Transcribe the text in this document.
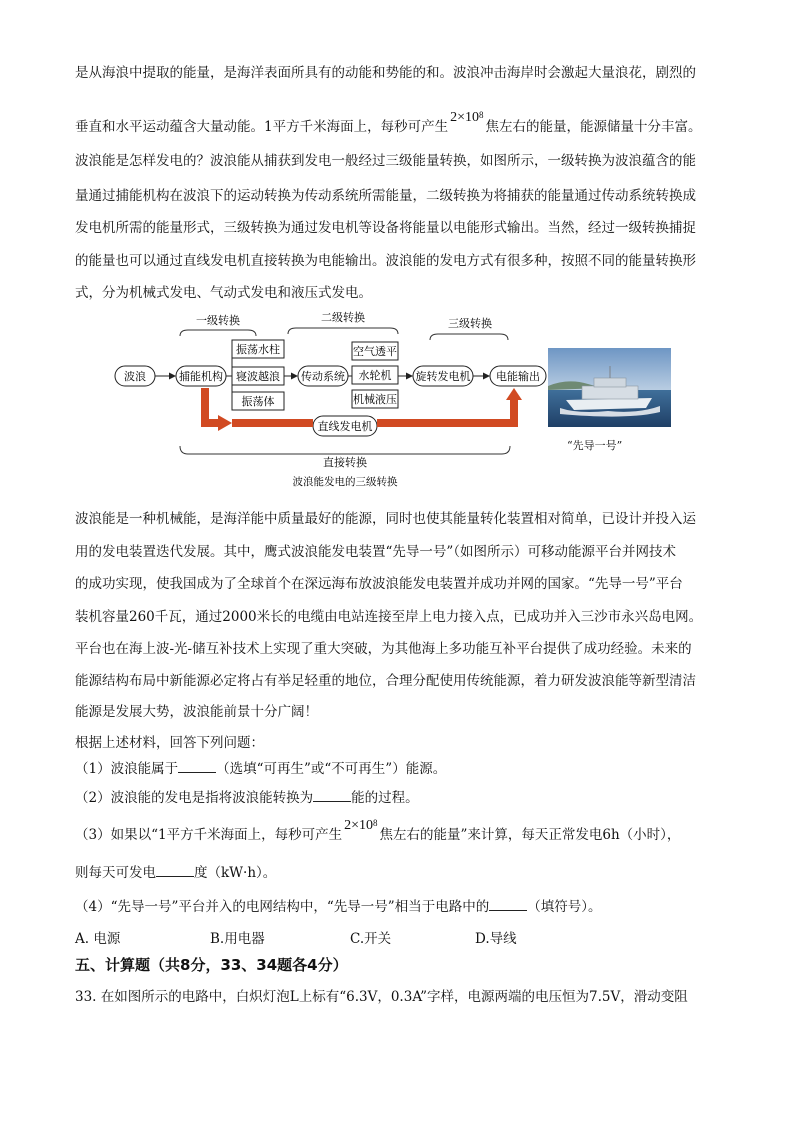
是从海浪中提取的能量，是海洋表面所具有的动能和势能的和。波浪冲击海岸时会激起大量浪花，剧烈的
垂直和水平运动蕴含大量动能。1平方千米海面上，每秒可产生$2\times 10^8$焦左右的能量，能源储量十分丰富。
波浪能是怎样发电的？波浪能从捕获到发电一般经过三级能量转换，如图所示，一级转换为波浪蕴含的能
量通过捕能机构在波浪下的运动转换为传动系统所需能量，二级转换为将捕获的能量通过传动系统转换成
发电机所需的能量形式，三级转换为通过发电机等设备将能量以电能形式输出。当然，经过一级转换捕捉
的能量也可以通过直线发电机直接转换为电能输出。波浪能的发电方式有很多种，按照不同的能量转换形
式，分为机械式发电、气动式发电和液压式发电。
一级转换	二级转换	三级转换
波浪	捕能机构
振荡水柱
寝波越浪
振荡体
传动系统
空气透平
水轮机
机械液压
旋转发电机 电能输出
直线发电机
直接转换
波浪能发电的三级转换
“先导一号”
波浪能是一种机械能，是海洋能中质量最好的能源，同时也使其能量转化装置相对简单，已设计并投入运
用的发电装置迭代发展。其中，鹰式波浪能发电装置“先导一号”（如图所示）可移动能源平台并网技术
的成功实现，使我国成为了全球首个在深远海布放波浪能发电装置并成功并网的国家。“先导一号”平台
装机容量260千瓦，通过2000米长的电缆由电站连接至岸上电力接入点，已成功并入三沙市永兴岛电网。
平台也在海上波-光-储互补技术上实现了重大突破，为其他海上多功能互补平台提供了成功经验。未来的
能源结构布局中新能源必定将占有举足轻重的地位，合理分配使用传统能源，着力研发波浪能等新型清洁
能源是发展大势，波浪能前景十分广阔！
根据上述材料，回答下列问题：
（1）波浪能属于	（选填“可再生”或“不可再生”）能源。
（2）波浪能的发电是指将波浪能转换为	能的过程。
（3）如果以“1平方千米海面上，每秒可产生$2\times 10^8$焦左右的能量”来计算，每天正常发电6h（小时），
则每天可发电	度（kW·h）。
（4）“先导一号”平台并入的电网结构中，“先导一号”相当于电路中的	（填符号）。
A. 电源	B.用电器	C.开关	D.导线
五、计算题（共8分，33、34题各4分）
33. 在如图所示的电路中，白炽灯泡L上标有“6.3V，0.3A”字样，电源两端的电压恒为7.5V，滑动变阻
